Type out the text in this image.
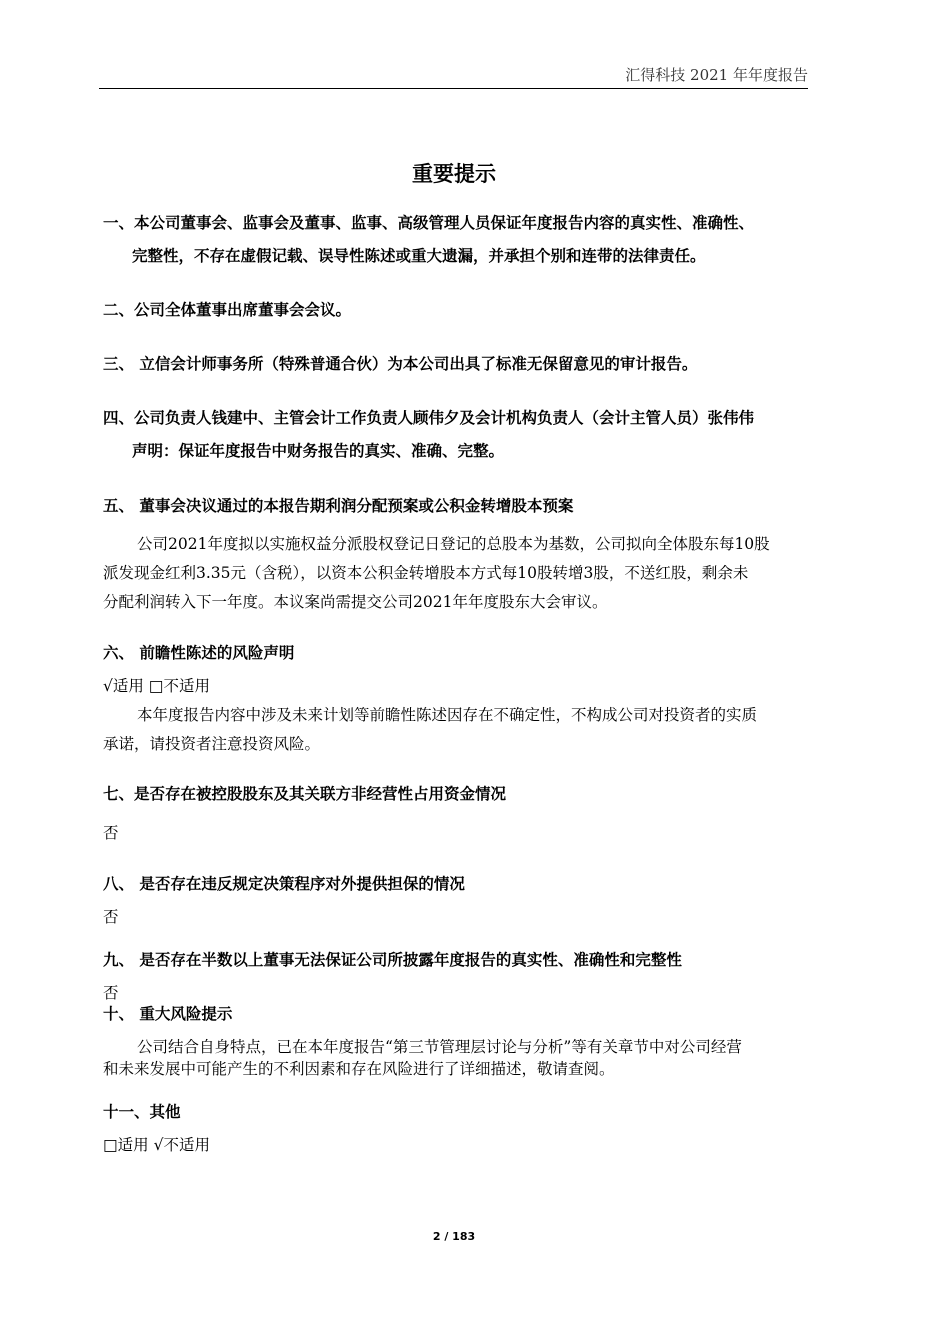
汇得科技 2021 年年度报告
重要提示
一、本公司董事会、监事会及董事、监事、高级管理人员保证年度报告内容的真实性、准确性、
完整性，不存在虚假记载、误导性陈述或重大遗漏，并承担个别和连带的法律责任。
二、公司全体董事出席董事会会议。
三、 立信会计师事务所（特殊普通合伙）为本公司出具了标准无保留意见的审计报告。
四、公司负责人钱建中、主管会计工作负责人顾伟夕及会计机构负责人（会计主管人员）张伟伟
声明：保证年度报告中财务报告的真实、准确、完整。
五、 董事会决议通过的本报告期利润分配预案或公积金转增股本预案
公司2021年度拟以实施权益分派股权登记日登记的总股本为基数，公司拟向全体股东每10股
派发现金红利3.35元（含税），以资本公积金转增股本方式每10股转增3股，不送红股，剩余未
分配利润转入下一年度。本议案尚需提交公司2021年年度股东大会审议。
六、 前瞻性陈述的风险声明
√适用 □不适用
本年度报告内容中涉及未来计划等前瞻性陈述因存在不确定性，不构成公司对投资者的实质
承诺，请投资者注意投资风险。
七、是否存在被控股股东及其关联方非经营性占用资金情况
否
八、 是否存在违反规定决策程序对外提供担保的情况
否
九、 是否存在半数以上董事无法保证公司所披露年度报告的真实性、准确性和完整性
否
十、 重大风险提示
公司结合自身特点，已在本年度报告“第三节管理层讨论与分析”等有关章节中对公司经营
和未来发展中可能产生的不利因素和存在风险进行了详细描述，敬请查阅。
十一、其他
□适用 √不适用
2 / 183
